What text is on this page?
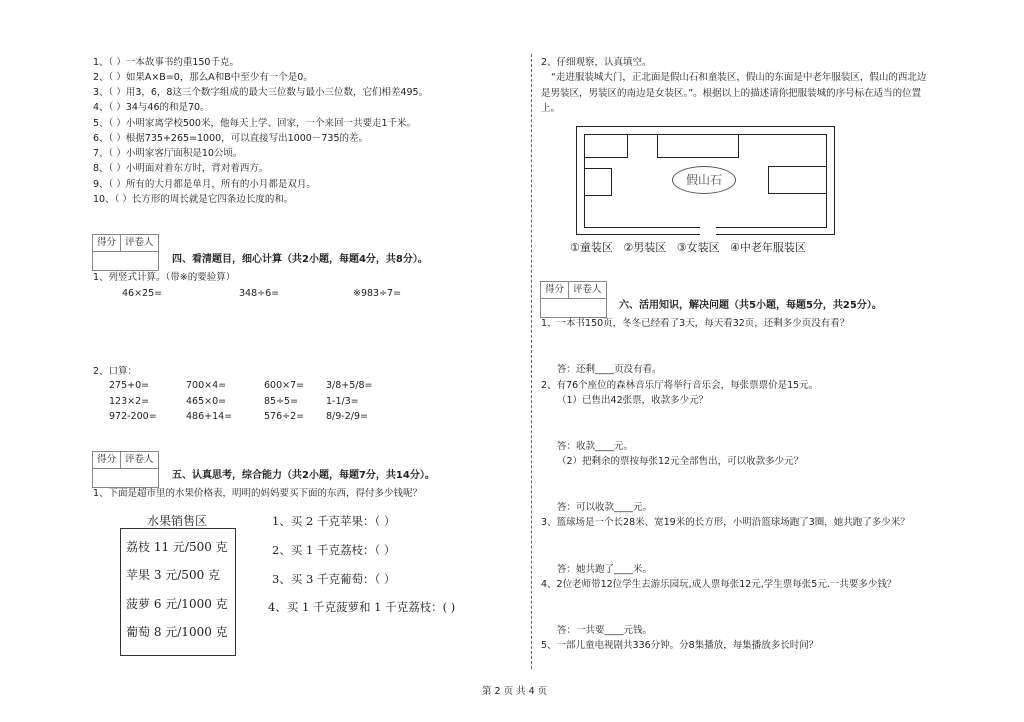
1、（ ）一本故事书约重150千克。
2、（ ）如果A×B=0，那么A和B中至少有一个是0。
3、（ ）用3，6，8这三个数字组成的最大三位数与最小三位数，它们相差495。
4、（ ）34与46的和是70。
5、（ ）小明家离学校500米，他每天上学、回家，一个来回一共要走1千米。
6、（ ）根据735+265=1000，可以直接写出1000－735的差。
7、（ ）小明家客厅面积是10公顷。
8、（ ）小明面对着东方时，背对着西方。
9、（ ）所有的大月都是单月，所有的小月都是双月。
10、（ ）长方形的周长就是它四条边长度的和。
得分 评卷人
四、看清题目，细心计算（共2小题，每题4分，共8分）。
1、列竖式计算。（带※的要验算）
46×25=	348÷6=	※983÷7=
2、口算：
275+0=	700×4=	600×7= 3/8+5/8=
123×2=	465×0=	85÷5=	1-1/3=
972-200=	486+14=	576÷2= 8/9-2/9=
得分 评卷人
五、认真思考，综合能力（共2小题，每题7分，共14分）。
1、下面是超市里的水果价格表，明明的妈妈要买下面的东西，得付多少钱呢？
水果销售区
荔枝 11 元/500 克
苹果 3 元/500 克
菠萝 6 元/1000 克
葡萄 8 元/1000 克
1、买 2 千克苹果：（ ）
2、买 1 千克荔枝：（ ）
3、买 3 千克葡萄：（ ）
4、买 1 千克菠萝和 1 千克荔枝：( )
2、仔细观察，认真填空。
“走进服装城大门，正北面是假山石和童装区，假山的东面是中老年服装区，假山的西北边
是男装区，男装区的南边是女装区。”。根据以上的描述请你把服装城的序号标在适当的位置
上。
假山石
①童装区   ②男装区   ③女装区   ④中老年服装区
得分 评卷人
六、活用知识，解决问题（共5小题，每题5分，共25分）。
1、一本书150页，冬冬已经看了3天，每天看32页，还剩多少页没有看？
答：还剩____页没有看。
2、有76个座位的森林音乐厅将举行音乐会，每张票票价是15元。
（1）已售出42张票，收款多少元？
答：收款____元。
（2）把剩余的票按每张12元全部售出，可以收款多少元？
答：可以收款____元。
3、篮球场是一个长28米、宽19米的长方形，小明沿篮球场跑了3圈，她共跑了多少米？
答：她共跑了____米。
4、2位老师带12位学生去游乐园玩,成人票每张12元,学生票每张5元.一共要多少钱？
答：一共要____元钱。
5、一部儿童电视剧共336分钟。分8集播放，每集播放多长时间？
第 2 页 共 4 页
